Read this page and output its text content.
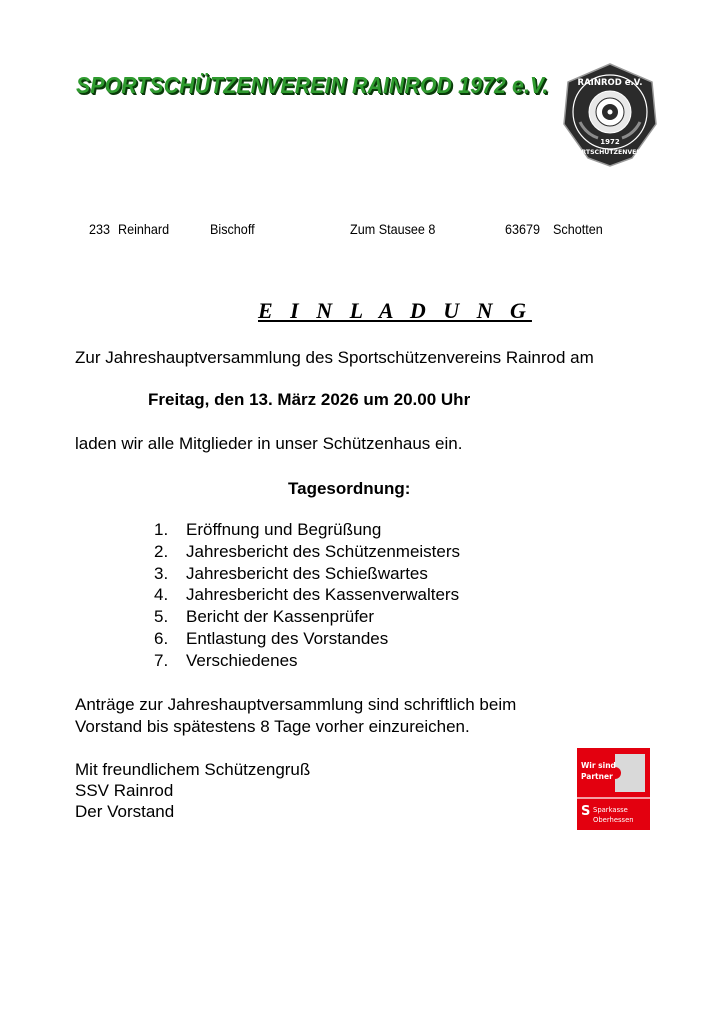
SPORTSCHÜTZENVEREIN RAINROD 1972 e.V.	RAINROD e.V.
1972
SPORTSCHÜTZENVEREIN
233 Reinhard	Bischoff	Zum Stausee 8	63679 Schotten
E I N L A D U N G
Zur Jahreshauptversammlung des Sportschützenvereins Rainrod am
Freitag, den 13. März 2026 um 20.00 Uhr
laden wir alle Mitglieder in unser Schützenhaus ein.
Tagesordnung:
1. Eröffnung und Begrüßung
2. Jahresbericht des Schützenmeisters
3. Jahresbericht des Schießwartes
4. Jahresbericht des Kassenverwalters
5. Bericht der Kassenprüfer
6. Entlastung des Vorstandes
7. Verschiedenes
Anträge zur Jahreshauptversammlung sind schriftlich beim
Vorstand bis spätestens 8 Tage vorher einzureichen.
Mit freundlichem Schützengruß
SSV Rainrod
Der Vorstand
Wir sind
Partner
S Sparkasse
Oberhessen
